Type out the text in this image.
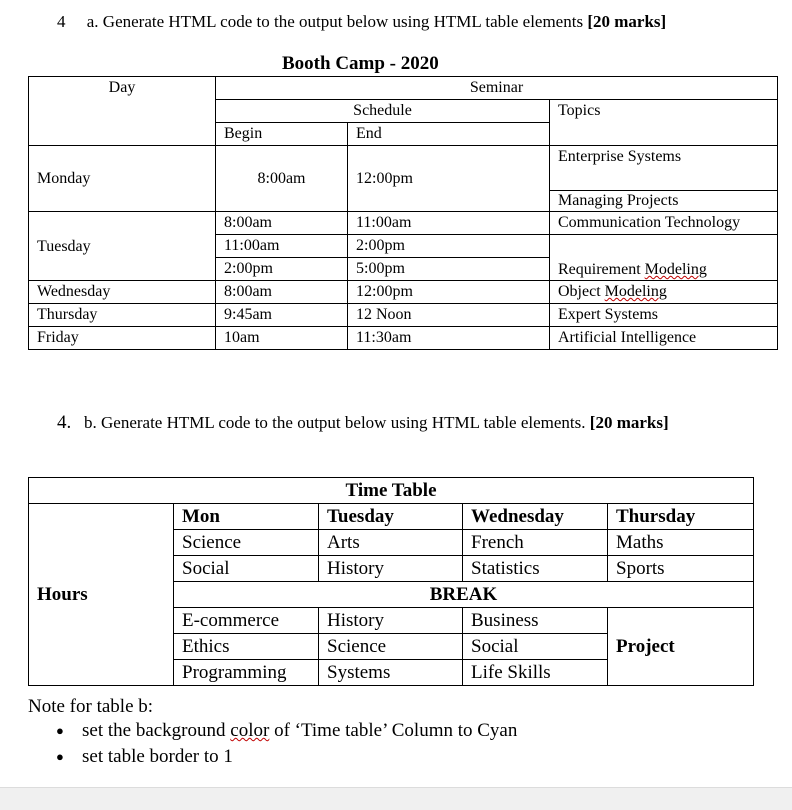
4 a. Generate HTML code to the output below using HTML table elements [20 marks]
Booth Camp - 2020
Day	Seminar		
	Schedule		Topics
	Begin	End	
Monday	8:00am	12:00pm	Enterprise Systems
			Managing Projects
Tuesday	8:00am	11:00am	Communication Technology
	11:00am	2:00pm	Requirement Modeling
	2:00pm	5:00pm	
Wednesday	8:00am	12:00pm	Object Modeling
Thursday	9:45am	12 Noon	Expert Systems
Friday	10am	11:30am	Artificial Intelligence
4. b. Generate HTML code to the output below using HTML table elements. [20 marks]
Time Table				
Hours	Mon	Tuesday	Wednesday	Thursday
	Science	Arts	French	Maths
	Social	History	Statistics	Sports
	BREAK			
	E-commerce	History	Business	Project
	Ethics	Science	Social	
	Programming	Systems	Life Skills	
Note for table b:
● set the background color of ‘Time table’ Column to Cyan
● set table border to 1
